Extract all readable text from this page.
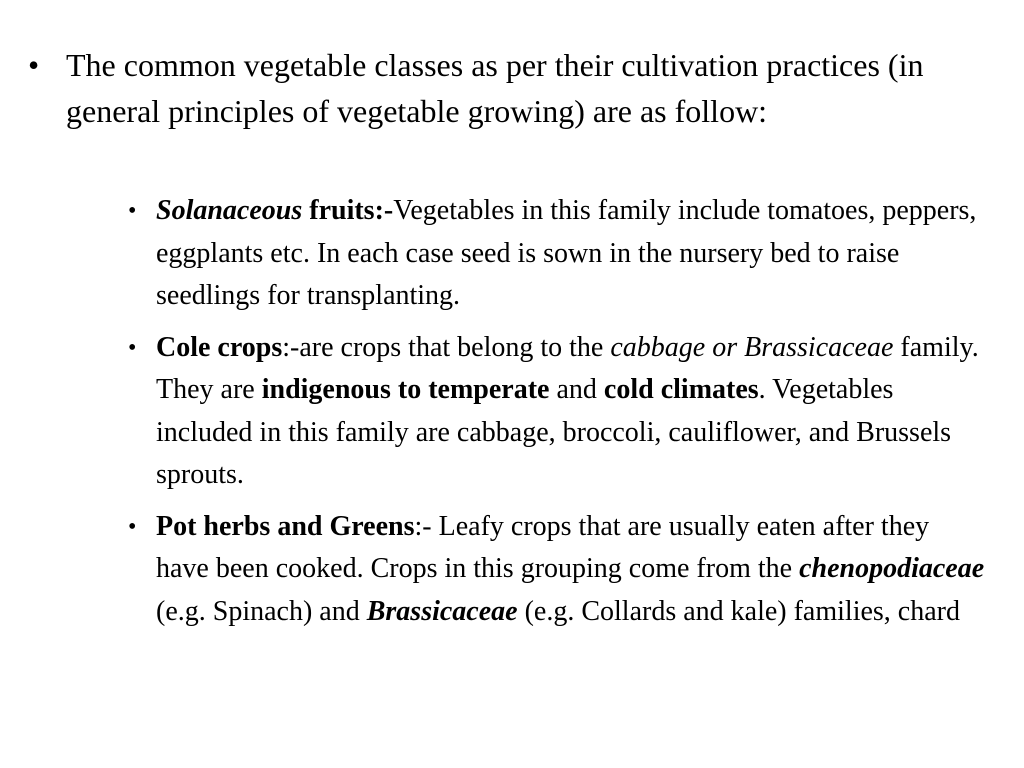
• The common vegetable classes as per their cultivation practices (in general principles of vegetable growing) are as follow:
• Solanaceous fruits:-Vegetables in this family include tomatoes, peppers, eggplants etc. In each case seed is sown in the nursery bed to raise seedlings for transplanting.
• Cole crops:-are crops that belong to the cabbage or Brassicaceae family. They are indigenous to temperate and cold climates. Vegetables included in this family are cabbage, broccoli, cauliflower, and Brussels sprouts.
• Pot herbs and Greens:- Leafy crops that are usually eaten after they have been cooked. Crops in this grouping come from the chenopodiaceae (e.g. Spinach) and Brassicaceae (e.g. Collards and kale) families, chard
